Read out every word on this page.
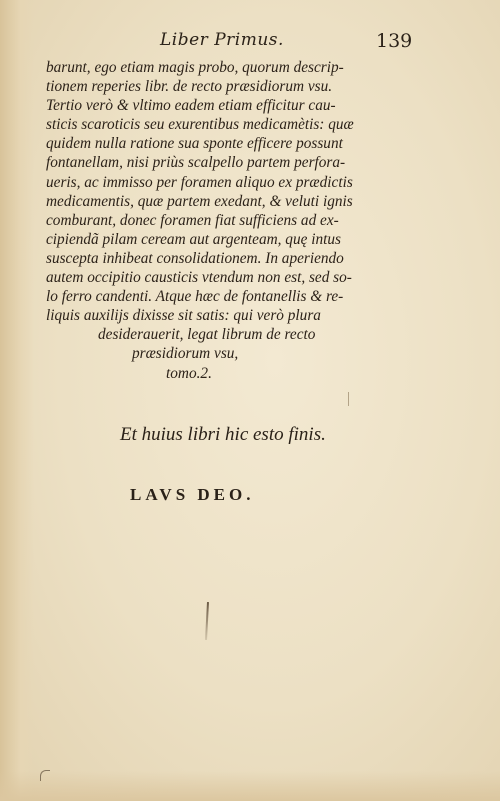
Liber Primus.	139
barunt, ego etiam magis probo, quorum descrip-
tionem reperies libr. de recto præsidiorum vsu.
Tertio verò & vltimo eadem etiam efficitur cau-
sticis scaroticis seu exurentibus medicamètis: quæ
quidem nulla ratione sua sponte efficere possunt
fontanellam, nisi priùs scalpello partem perfora-
ueris, ac immisso per foramen aliquo ex prædictis
medicamentis, quæ partem exedant, & veluti ignis
comburant, donec foramen fiat sufficiens ad ex-
cipiendã pilam ceream aut argenteam, quę intus
suscepta inhibeat consolidationem. In aperiendo
autem occipitio causticis vtendum non est, sed so-
lo ferro candenti. Atque hæc de fontanellis & re-
liquis auxilijs dixisse sit satis: qui verò plura
desiderauerit, legat librum de recto
præsidiorum vsu,
tomo.2.
Et huius libri hic esto finis.
LAVS DEO.
